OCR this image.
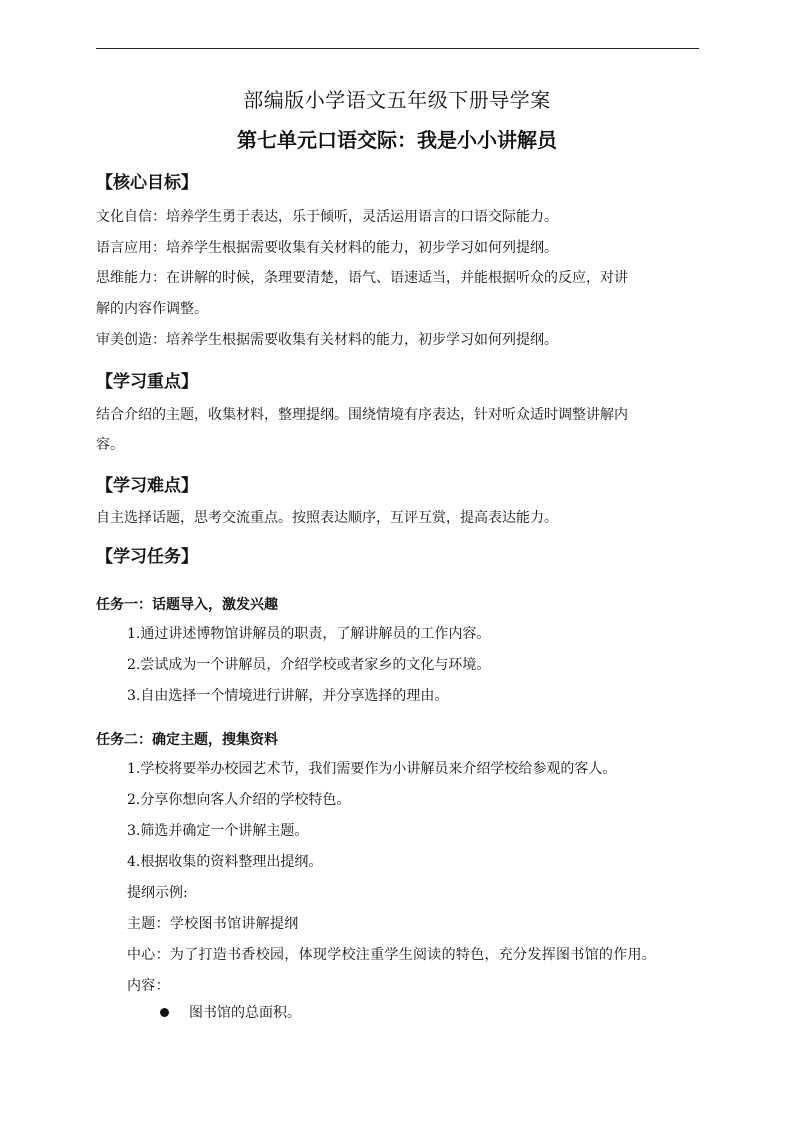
部编版小学语文五年级下册导学案
第七单元口语交际：我是小小讲解员
【核心目标】
文化自信：培养学生勇于表达，乐于倾听，灵活运用语言的口语交际能力。
语言应用：培养学生根据需要收集有关材料的能力，初步学习如何列提纲。
思维能力：在讲解的时候，条理要清楚，语气、语速适当，并能根据听众的反应，对讲
解的内容作调整。
审美创造：培养学生根据需要收集有关材料的能力，初步学习如何列提纲。
【学习重点】
结合介绍的主题，收集材料，整理提纲。围绕情境有序表达，针对听众适时调整讲解内
容。
【学习难点】
自主选择话题，思考交流重点。按照表达顺序，互评互赏，提高表达能力。
【学习任务】
任务一：话题导入，激发兴趣
1.通过讲述博物馆讲解员的职责，了解讲解员的工作内容。
2.尝试成为一个讲解员，介绍学校或者家乡的文化与环境。
3.自由选择一个情境进行讲解，并分享选择的理由。
任务二：确定主题，搜集资料
1.学校将要举办校园艺术节，我们需要作为小讲解员来介绍学校给参观的客人。
2.分享你想向客人介绍的学校特色。
3.筛选并确定一个讲解主题。
4.根据收集的资料整理出提纲。
提纲示例:
主题：学校图书馆讲解提纲
中心：为了打造书香校园，体现学校注重学生阅读的特色，充分发挥图书馆的作用。
内容：
图书馆的总面积。
